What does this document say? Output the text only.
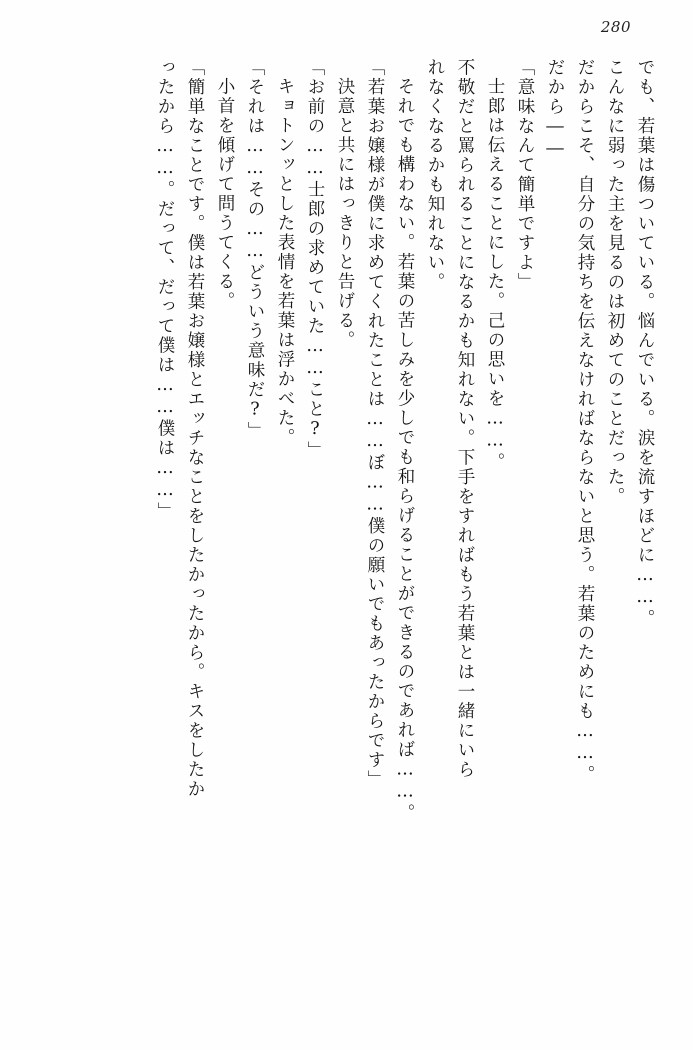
280
でも、若葉は傷ついている。悩んでいる。涙を流すほどに……。
こんなに弱った主を見るのは初めてのことだった。
だからこそ、自分の気持ちを伝えなければならないと思う。若葉のためにも……。
だから――
「意味なんて簡単ですよ」
士郎は伝えることにした。己の思いを……。
不敬だと罵られることになるかも知れない。下手をすればもう若葉とは一緒にいら
れなくなるかも知れない。
それでも構わない。若葉の苦しみを少しでも和らげることができるのであれば……。
「若葉お嬢様が僕に求めてくれたことは……ぼ……僕の願いでもあったからです」
決意と共にはっきりと告げる。
「お前の……士郎の求めていた……こと?」
キョトンッとした表情を若葉は浮かべた。
「それは……その……どういう意味だ?」
小首を傾げて問うてくる。
「簡単なことです。僕は若葉お嬢様とエッチなことをしたかったから。キスをしたか
ったから……。だって、だって僕は……僕は……」
